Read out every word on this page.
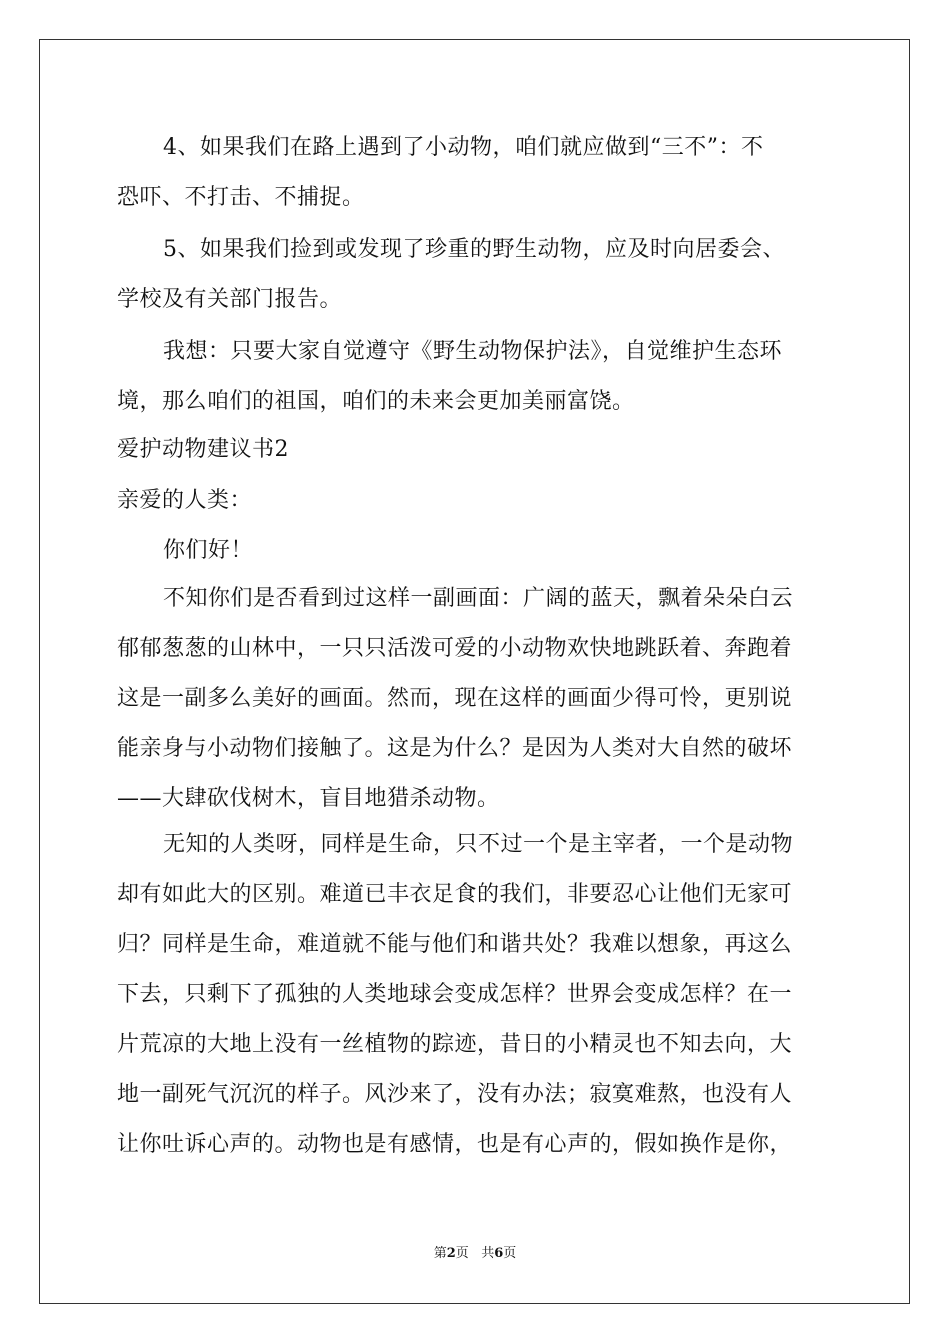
4、如果我们在路上遇到了小动物，咱们就应做到“三不”：不
恐吓、不打击、不捕捉。
5、如果我们捡到或发现了珍重的野生动物，应及时向居委会、
学校及有关部门报告。
我想：只要大家自觉遵守《野生动物保护法》，自觉维护生态环
境，那么咱们的祖国，咱们的未来会更加美丽富饶。
爱护动物建议书2
亲爱的人类：
你们好！
不知你们是否看到过这样一副画面：广阔的蓝天，飘着朵朵白云
郁郁葱葱的山林中，一只只活泼可爱的小动物欢快地跳跃着、奔跑着
这是一副多么美好的画面。然而，现在这样的画面少得可怜，更别说
能亲身与小动物们接触了。这是为什么？是因为人类对大自然的破坏
——大肆砍伐树木，盲目地猎杀动物。
无知的人类呀，同样是生命，只不过一个是主宰者，一个是动物
却有如此大的区别。难道已丰衣足食的我们，非要忍心让他们无家可
归？同样是生命，难道就不能与他们和谐共处？我难以想象，再这么
下去，只剩下了孤独的人类地球会变成怎样？世界会变成怎样？在一
片荒凉的大地上没有一丝植物的踪迹，昔日的小精灵也不知去向，大
地一副死气沉沉的样子。风沙来了，没有办法；寂寞难熬，也没有人
让你吐诉心声的。动物也是有感情，也是有心声的，假如换作是你，
第2页   共6页
